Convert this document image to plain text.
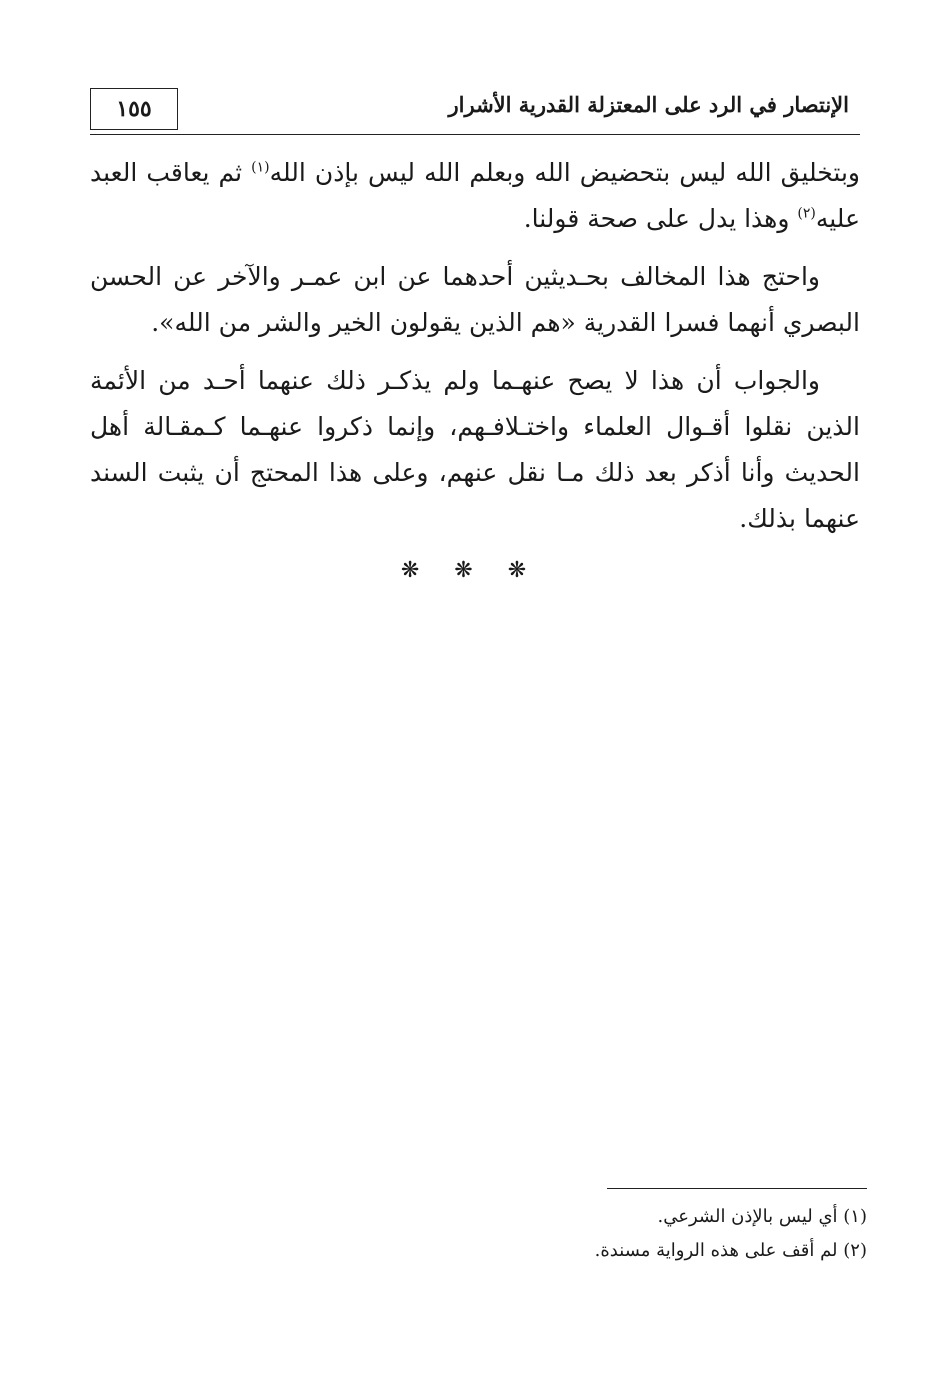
١٥٥	الإنتصار في الرد على المعتزلة القدرية الأشرار

وبتخليق الله ليس بتحضيض الله وبعلم الله ليس بإذن الله$^{(١)}$ ثم يعاقب العبد عليه$^{(٢)}$ وهذا يدل على صحة قولنا.

واحتج هذا المخالف بحـديثين أحدهما عن ابن عمـر والآخر عن الحسن البصري أنهما فسرا القدرية «هم الذين يقولون الخير والشر من الله».

والجواب أن هذا لا يصح عنهـما ولم يذكـر ذلك عنهما أحـد من الأئمة الذين نقلوا أقـوال العلماء واختـلافـهم، وإنما ذكروا عنهـما كـمقـالة أهل الحديث وأنا أذكر بعد ذلك مـا نقل عنهم، وعلى هذا المحتج أن يثبت السند عنهما بذلك.

❋ ❋ ❋

(١) أي ليس بالإذن الشرعي.

(٢) لم أقف على هذه الرواية مسندة.
